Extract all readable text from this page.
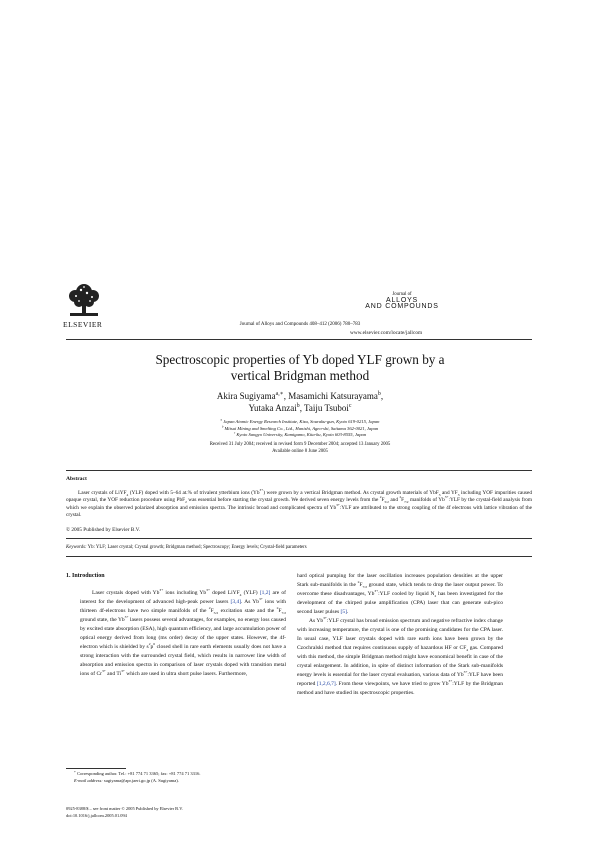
ELSEVIER	Journal of Alloys and Compounds 408–412 (2006) 780–783
Journal of
ALLOYS
AND COMPOUNDS
www.elsevier.com/locate/jallcom
Spectroscopic properties of Yb doped YLF grown by a
vertical Bridgman method
Akira Sugiyama$^{a,∗}$, Masamichi Katsurayama$^b$,
Yutaka Anzai$^b$, Taiju Tsuboi$^c$
$^a$ Japan Atomic Energy Research Institute, Kizu, Souraku-gun, Kyoto 619-0215, Japan
$^b$ Mitsui Mining and Smelting Co., Ltd., Hanishi, Ageo-shi, Saitama 362-0021, Japan
$^c$ Kyoto Sangyo University, Kamigamo, Kita-ku, Kyoto 603-8555, Japan
Received 31 July 2004; received in revised form 9 December 2004; accepted 13 January 2005
Available online 8 June 2005
Abstract
Laser crystals of LiYF$_4$ (YLF) doped with 5–64 at.% of trivalent ytterbium ions $(Yb^{3+})$ were grown by a vertical Bridgman method. As crystal growth materials of YbF$_3$ and $YF_3$ including YOF impurities caused opaque crystal, the YOF reduction procedure using PbF$_2$ was essential before starting the crystal growth. We derived seven energy levels from the $^2F_{5/2}$ and $^2F_{7/2}$ manifolds of $Yb^{3+}:YLF$ by the crystal-field analysis from which we explain the observed polarized absorption and emission spectra. The intrinsic broad and complicated spectra of $Yb^{3+}:YLF$ are attributed to the strong coupling of the 4f electrons with lattice vibration of the crystal.
© 2005 Published by Elsevier B.V.
Keywords: Yb: YLF; Laser crystal; Crystal growth; Bridgman method; Spectroscopy; Energy levels; Crystal-field parameters
1. Introduction

Laser crystals doped with $Yb^{3+}$ ions including $Yb^{3+}$ doped LiYF$_4$ (YLF) [1,2] are of interest for the development of advanced high-peak power lasers [3,4]. As $Yb^{3+}$ ions with thirteen 4f-electrons have two simple manifolds of the $^2F_{5/2}$ excitation state and the $^2F_{7/2}$ ground state, the $Yb^{3+}$ lasers possess several advantages, for examples, no energy loss caused by excited state absorption (ESA), high quantum efficiency, and large accumulation power of optical energy derived from long (ms order) decay of the upper states. However, the 4f-electron which is shielded by $s^2p^6$ closed shell in rare earth elements usually does not have a strong interaction with the surrounded crystal field, which results in narrower line width of absorption and emission spectra in comparison of laser crystals doped with transition metal ions of $Cr^{3+}$ and $Ti^{3+}$ which are used in ultra short pulse lasers. Furthermore,

hard optical pumping for the laser oscillation increases population densities at the upper Stark sub-manifolds in the $^2F_{7/2}$ ground state, which tends to drop the laser output power. To overcome these disadvantages, $Yb^{3+}:YLF$ cooled by liquid $N_2$ has been investigated for the development of the chirped pulse amplification (CPA) laser that can generate sub-pico second laser pulses [5].

As $Yb^{3+}:YLF$ crystal has broad emission spectrum and negative refractive index change with increasing temperature, the crystal is one of the promising candidates for the CPA laser. In usual case, YLF laser crystals doped with rare earth ions have been grown by the Czochralski method that requires continuous supply of hazardous HF or $CF_4$ gas. Compared with this method, the simple Bridgman method might have economical benefit in case of the crystal enlargement. In addition, in spite of distinct information of the Stark sub-manifolds energy levels is essential for the laser crystal evaluation, various data of $Yb^{3+}:YLF$ have been reported [1,2,6,7]. From these viewpoints, we have tried to grow $Yb^{3+}:YLF$ by the Bridgman method and have studied its spectroscopic properties.

∗ Corresponding author. Tel.: +81 774 71 3365; fax: +81 774 71 3316.
E-mail address: sugiyama@apr.jaeri.go.jp (A. Sugiyama).
0925-8388/$ – see front matter © 2005 Published by Elsevier B.V.
doi:10.1016/j.jallcom.2005.01.094
